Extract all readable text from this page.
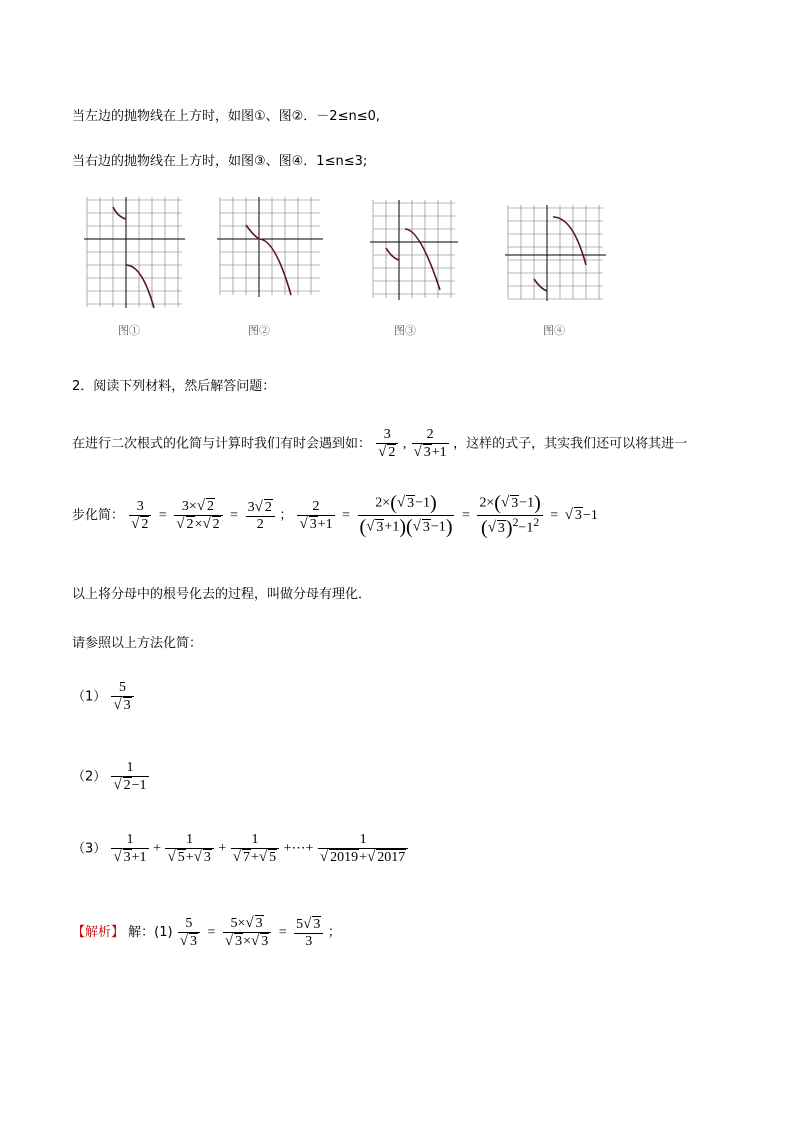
当左边的抛物线在上方时，如图①、图②．－2≤n≤0,
当右边的抛物线在上方时，如图③、图④．1≤n≤3;
图①	图②	图③	图④
2．阅读下列材料，然后解答问题：
在进行二次根式的化简与计算时我们有时会遇到如： $\frac{3}{√ 2}$ , $\frac{2}{√ 3+1}$ ，这样的式子，其实我们还可以将其进一
步化简： $\frac{3}{√ 2} = \frac{3\times√ 2}{√ 2\times√ 2} = \frac{3√ 2}{2}$ ； $\frac{2}{√ 3+1} = \frac{2\times(√ 3-1)}{(√ 3+1)(√ 3-1)} = \frac{2\times(√ 3-1)}{(√ 3)^2-1^2}$ = √ 3−1
以上将分母中的根号化去的过程，叫做分母有理化．
请参照以上方法化简：
$(1) \frac{5}{√ 3}$
$(2) \frac{1}{√ 2-1}$
$(3) \frac{1}{√ 3+1} + \frac{1}{√ 5+√ 3} + \frac{1}{√ 7+√ 5}$ +⋯+ $\frac{1}{√ 2019+√ 2017}$
【解析】 解：$(1) \frac{5}{√ 3} = \frac{5\times√ 3}{√ 3\times√ 3} = \frac{5√ 3}{3}$ ；
